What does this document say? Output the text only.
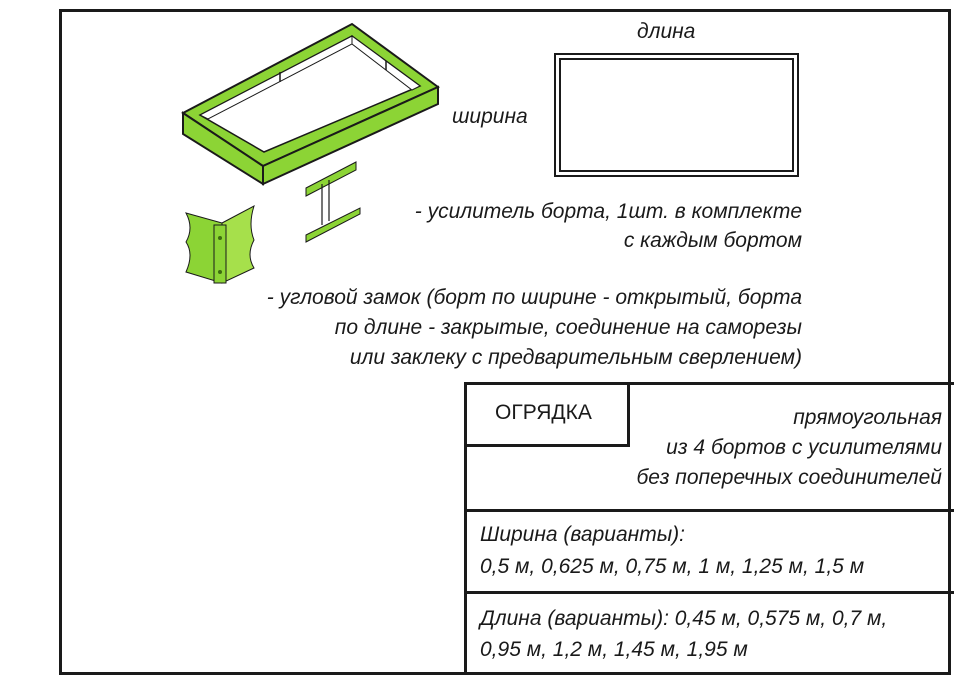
длина
ширина
- усилитель борта, 1шт. в комплекте
с каждым бортом
- угловой замок (борт по ширине - открытый, борта
по длине - закрытые, соединение на саморезы
или заклеку с предварительным сверлением)
ОГРЯДКА	прямоугольная
из 4 бортов с усилителями
без поперечных соединителей
Ширина (варианты):
0,5 м, 0,625 м, 0,75 м, 1 м, 1,25 м, 1,5 м
Длина (варианты): 0,45 м, 0,575 м, 0,7 м,
0,95 м, 1,2 м, 1,45 м, 1,95 м
